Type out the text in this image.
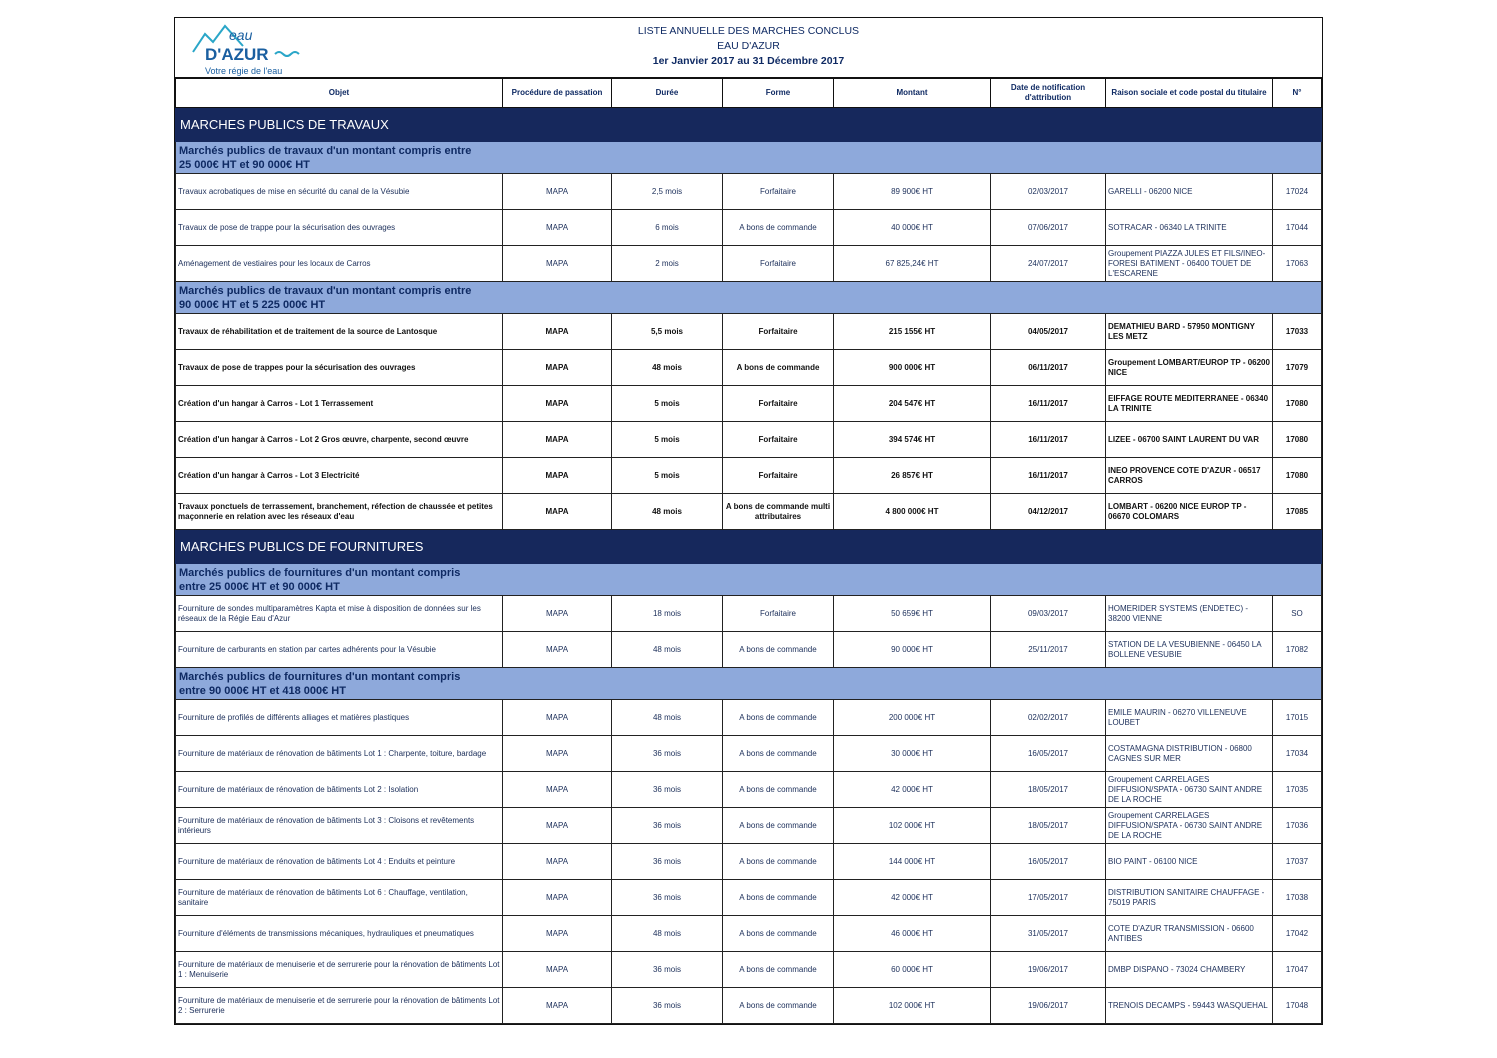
eau
D'AZUR
Votre régie de l'eau
LISTE ANNUELLE DES MARCHES CONCLUS
EAU D'AZUR
1er Janvier 2017 au 31 Décembre 2017
Objet	Procédure de passation	Durée	Forme	Montant	Date de notification d'attribution	Raison sociale et code postal du titulaire	N°
MARCHES PUBLICS DE TRAVAUX							

Marchés publics de travaux d'un montant compris entre
25 000€ HT et 90 000€ HT							

Travaux acrobatiques de mise en sécurité du canal de la Vésubie	MAPA	2,5 mois	Forfaitaire	89 900€ HT	02/03/2017	GARELLI - 06200 NICE	17024
Travaux de pose de trappe pour la sécurisation des ouvrages	MAPA	6 mois	A bons de commande	40 000€ HT	07/06/2017	SOTRACAR - 06340 LA TRINITE	17044
Aménagement de vestiaires pour les locaux de Carros	MAPA	2 mois	Forfaitaire	67 825,24€ HT	24/07/2017	Groupement PIAZZA JULES ET FILS/INEO-FORESI BATIMENT - 06400 TOUET DE L'ESCARENE	17063

Marchés publics de travaux d'un montant compris entre
90 000€ HT et 5 225 000€ HT							

Travaux de réhabilitation et de traitement de la source de Lantosque	MAPA	5,5 mois	Forfaitaire	215 155€ HT	04/05/2017	DEMATHIEU BARD - 57950 MONTIGNY LES METZ	17033
Travaux de pose de trappes pour la sécurisation des ouvrages	MAPA	48 mois	A bons de commande	900 000€ HT	06/11/2017	Groupement LOMBART/EUROP TP - 06200 NICE	17079
Création d'un hangar à Carros - Lot 1 Terrassement	MAPA	5 mois	Forfaitaire	204 547€ HT	16/11/2017	EIFFAGE ROUTE MEDITERRANEE - 06340 LA TRINITE	17080
Création d'un hangar à Carros - Lot 2 Gros œuvre, charpente, second œuvre	MAPA	5 mois	Forfaitaire	394 574€ HT	16/11/2017	LIZEE - 06700 SAINT LAURENT DU VAR	17080
Création d'un hangar à Carros - Lot 3 Electricité	MAPA	5 mois	Forfaitaire	26 857€ HT	16/11/2017	INEO PROVENCE COTE D'AZUR - 06517 CARROS	17080
Travaux ponctuels de terrassement, branchement, réfection de chaussée et petites maçonnerie en relation avec les réseaux d'eau	MAPA	48 mois	A bons de commande multi attributaires	4 800 000€ HT	04/12/2017	LOMBART - 06200 NICE EUROP TP - 06670 COLOMARS	17085
MARCHES PUBLICS DE FOURNITURES							

Marchés publics de fournitures d'un montant compris
entre 25 000€ HT et 90 000€ HT							

Fourniture de sondes multiparamètres Kapta et mise à disposition de données sur les réseaux de la Régie Eau d'Azur	MAPA	18 mois	Forfaitaire	50 659€ HT	09/03/2017	HOMERIDER SYSTEMS (ENDETEC) - 38200 VIENNE	SO
Fourniture de carburants en station par cartes adhérents pour la Vésubie	MAPA	48 mois	A bons de commande	90 000€ HT	25/11/2017	STATION DE LA VESUBIENNE - 06450 LA BOLLENE VESUBIE	17082

Marchés publics de fournitures d'un montant compris
entre 90 000€ HT et 418 000€ HT							

Fourniture de profilés de différents alliages et matières plastiques	MAPA	48 mois	A bons de commande	200 000€ HT	02/02/2017	EMILE MAURIN - 06270 VILLENEUVE LOUBET	17015
Fourniture de matériaux de rénovation de bâtiments Lot 1 : Charpente, toiture, bardage	MAPA	36 mois	A bons de commande	30 000€ HT	16/05/2017	COSTAMAGNA DISTRIBUTION - 06800 CAGNES SUR MER	17034
Fourniture de matériaux de rénovation de bâtiments Lot 2 : Isolation	MAPA	36 mois	A bons de commande	42 000€ HT	18/05/2017	Groupement CARRELAGES DIFFUSION/SPATA - 06730 SAINT ANDRE DE LA ROCHE	17035
Fourniture de matériaux de rénovation de bâtiments Lot 3 : Cloisons et revêtements intérieurs	MAPA	36 mois	A bons de commande	102 000€ HT	18/05/2017	Groupement CARRELAGES DIFFUSION/SPATA - 06730 SAINT ANDRE DE LA ROCHE	17036
Fourniture de matériaux de rénovation de bâtiments Lot 4 : Enduits et peinture	MAPA	36 mois	A bons de commande	144 000€ HT	16/05/2017	BIO PAINT - 06100 NICE	17037
Fourniture de matériaux de rénovation de bâtiments Lot 6 : Chauffage, ventilation, sanitaire	MAPA	36 mois	A bons de commande	42 000€ HT	17/05/2017	DISTRIBUTION SANITAIRE CHAUFFAGE - 75019 PARIS	17038
Fourniture d'éléments de transmissions mécaniques, hydrauliques et pneumatiques	MAPA	48 mois	A bons de commande	46 000€ HT	31/05/2017	COTE D'AZUR TRANSMISSION - 06600 ANTIBES	17042
Fourniture de matériaux de menuiserie et de serrurerie pour la rénovation de bâtiments Lot 1 : Menuiserie	MAPA	36 mois	A bons de commande	60 000€ HT	19/06/2017	DMBP DISPANO - 73024 CHAMBERY	17047
Fourniture de matériaux de menuiserie et de serrurerie pour la rénovation de bâtiments Lot 2 : Serrurerie	MAPA	36 mois	A bons de commande	102 000€ HT	19/06/2017	TRENOIS DECAMPS - 59443 WASQUEHAL	17048
